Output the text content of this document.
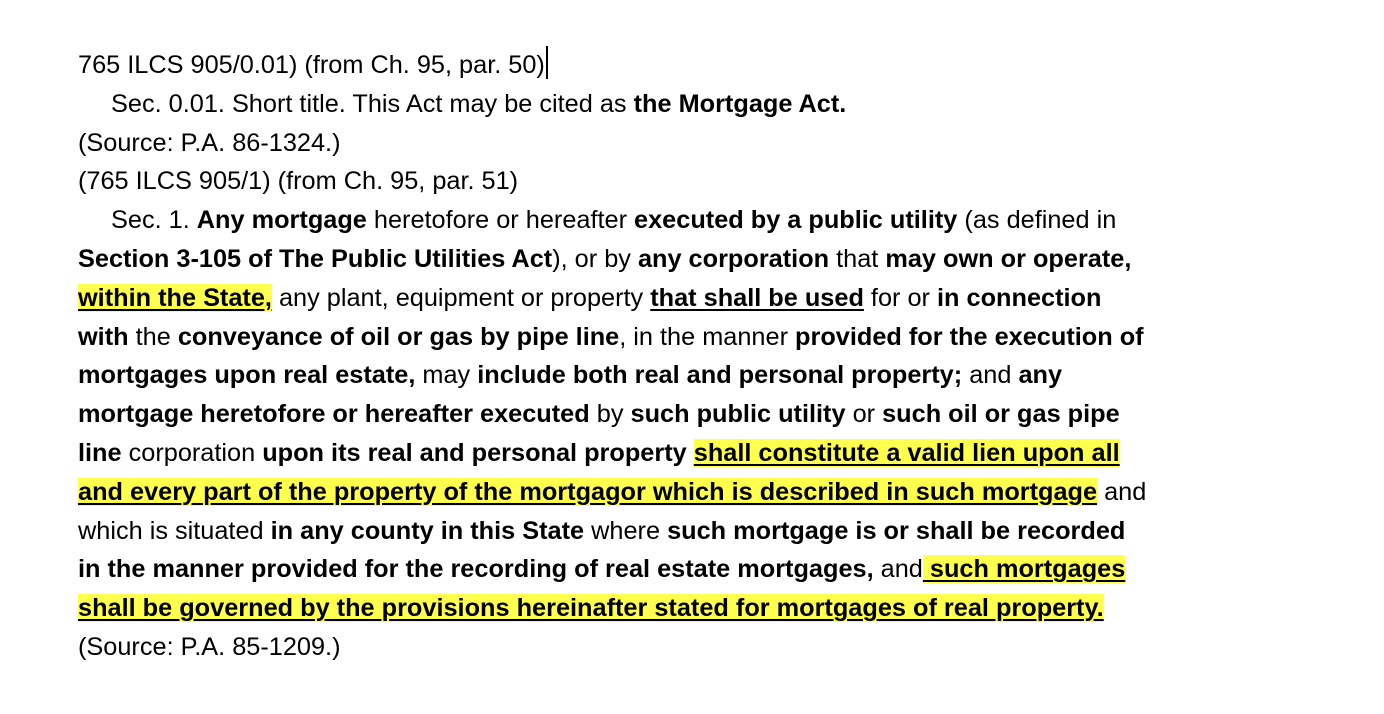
765 ILCS 905/0.01) (from Ch. 95, par. 50)
Sec. 0.01. Short title. This Act may be cited as the Mortgage Act.
(Source: P.A. 86-1324.)
(765 ILCS 905/1) (from Ch. 95, par. 51)
Sec. 1. Any mortgage heretofore or hereafter executed by a public utility (as defined in
Section 3-105 of The Public Utilities Act), or by any corporation that may own or operate,
within the State, any plant, equipment or property that shall be used for or in connection
with the conveyance of oil or gas by pipe line, in the manner provided for the execution of
mortgages upon real estate, may include both real and personal property; and any
mortgage heretofore or hereafter executed by such public utility or such oil or gas pipe
line corporation upon its real and personal property shall constitute a valid lien upon all
and every part of the property of the mortgagor which is described in such mortgage and
which is situated in any county in this State where such mortgage is or shall be recorded
in the manner provided for the recording of real estate mortgages, and such mortgages
shall be governed by the provisions hereinafter stated for mortgages of real property.
(Source: P.A. 85-1209.)
